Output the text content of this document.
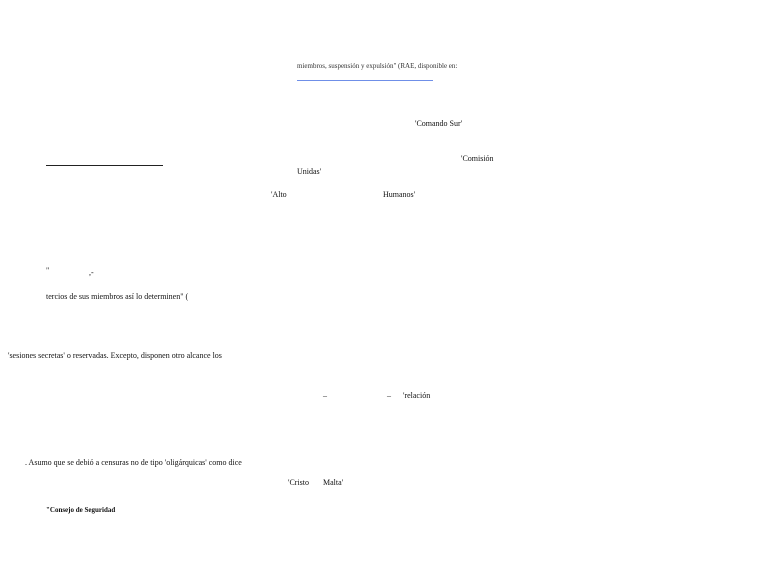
miembros, suspensión y expulsión" (RAE, disponible en:
'Comando Sur'
'Comisión
Unidas'
'Alto	Humanos'
"	,-
tercios de sus miembros así lo determinen" (
'sesiones secretas' o reservadas. Excepto, disponen otro alcance los
–	– 'relación
. Asumo que se debió a censuras no de tipo 'oligárquicas' como dice
'Cristo Malta'
"Consejo de Seguridad
